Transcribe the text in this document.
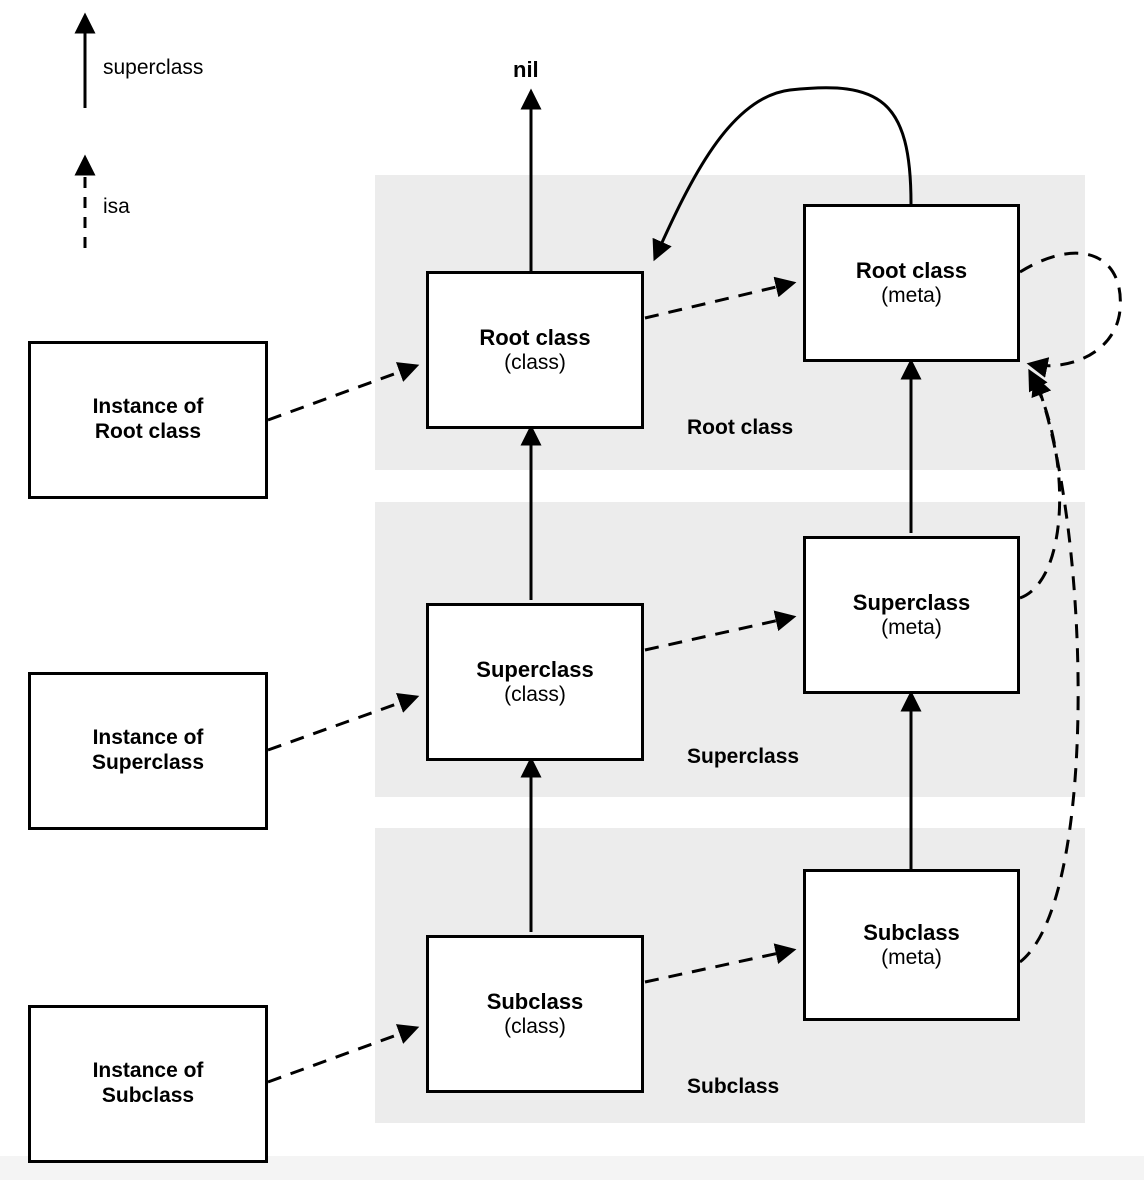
superclass
isa
nil
Root class
Superclass
Subclass
Instance of
Root class
Instance of
Superclass
Instance of
Subclass
Root class
(class)
Superclass
(class)
Subclass
(class)
Root class
(meta)
Superclass
(meta)
Subclass
(meta)
